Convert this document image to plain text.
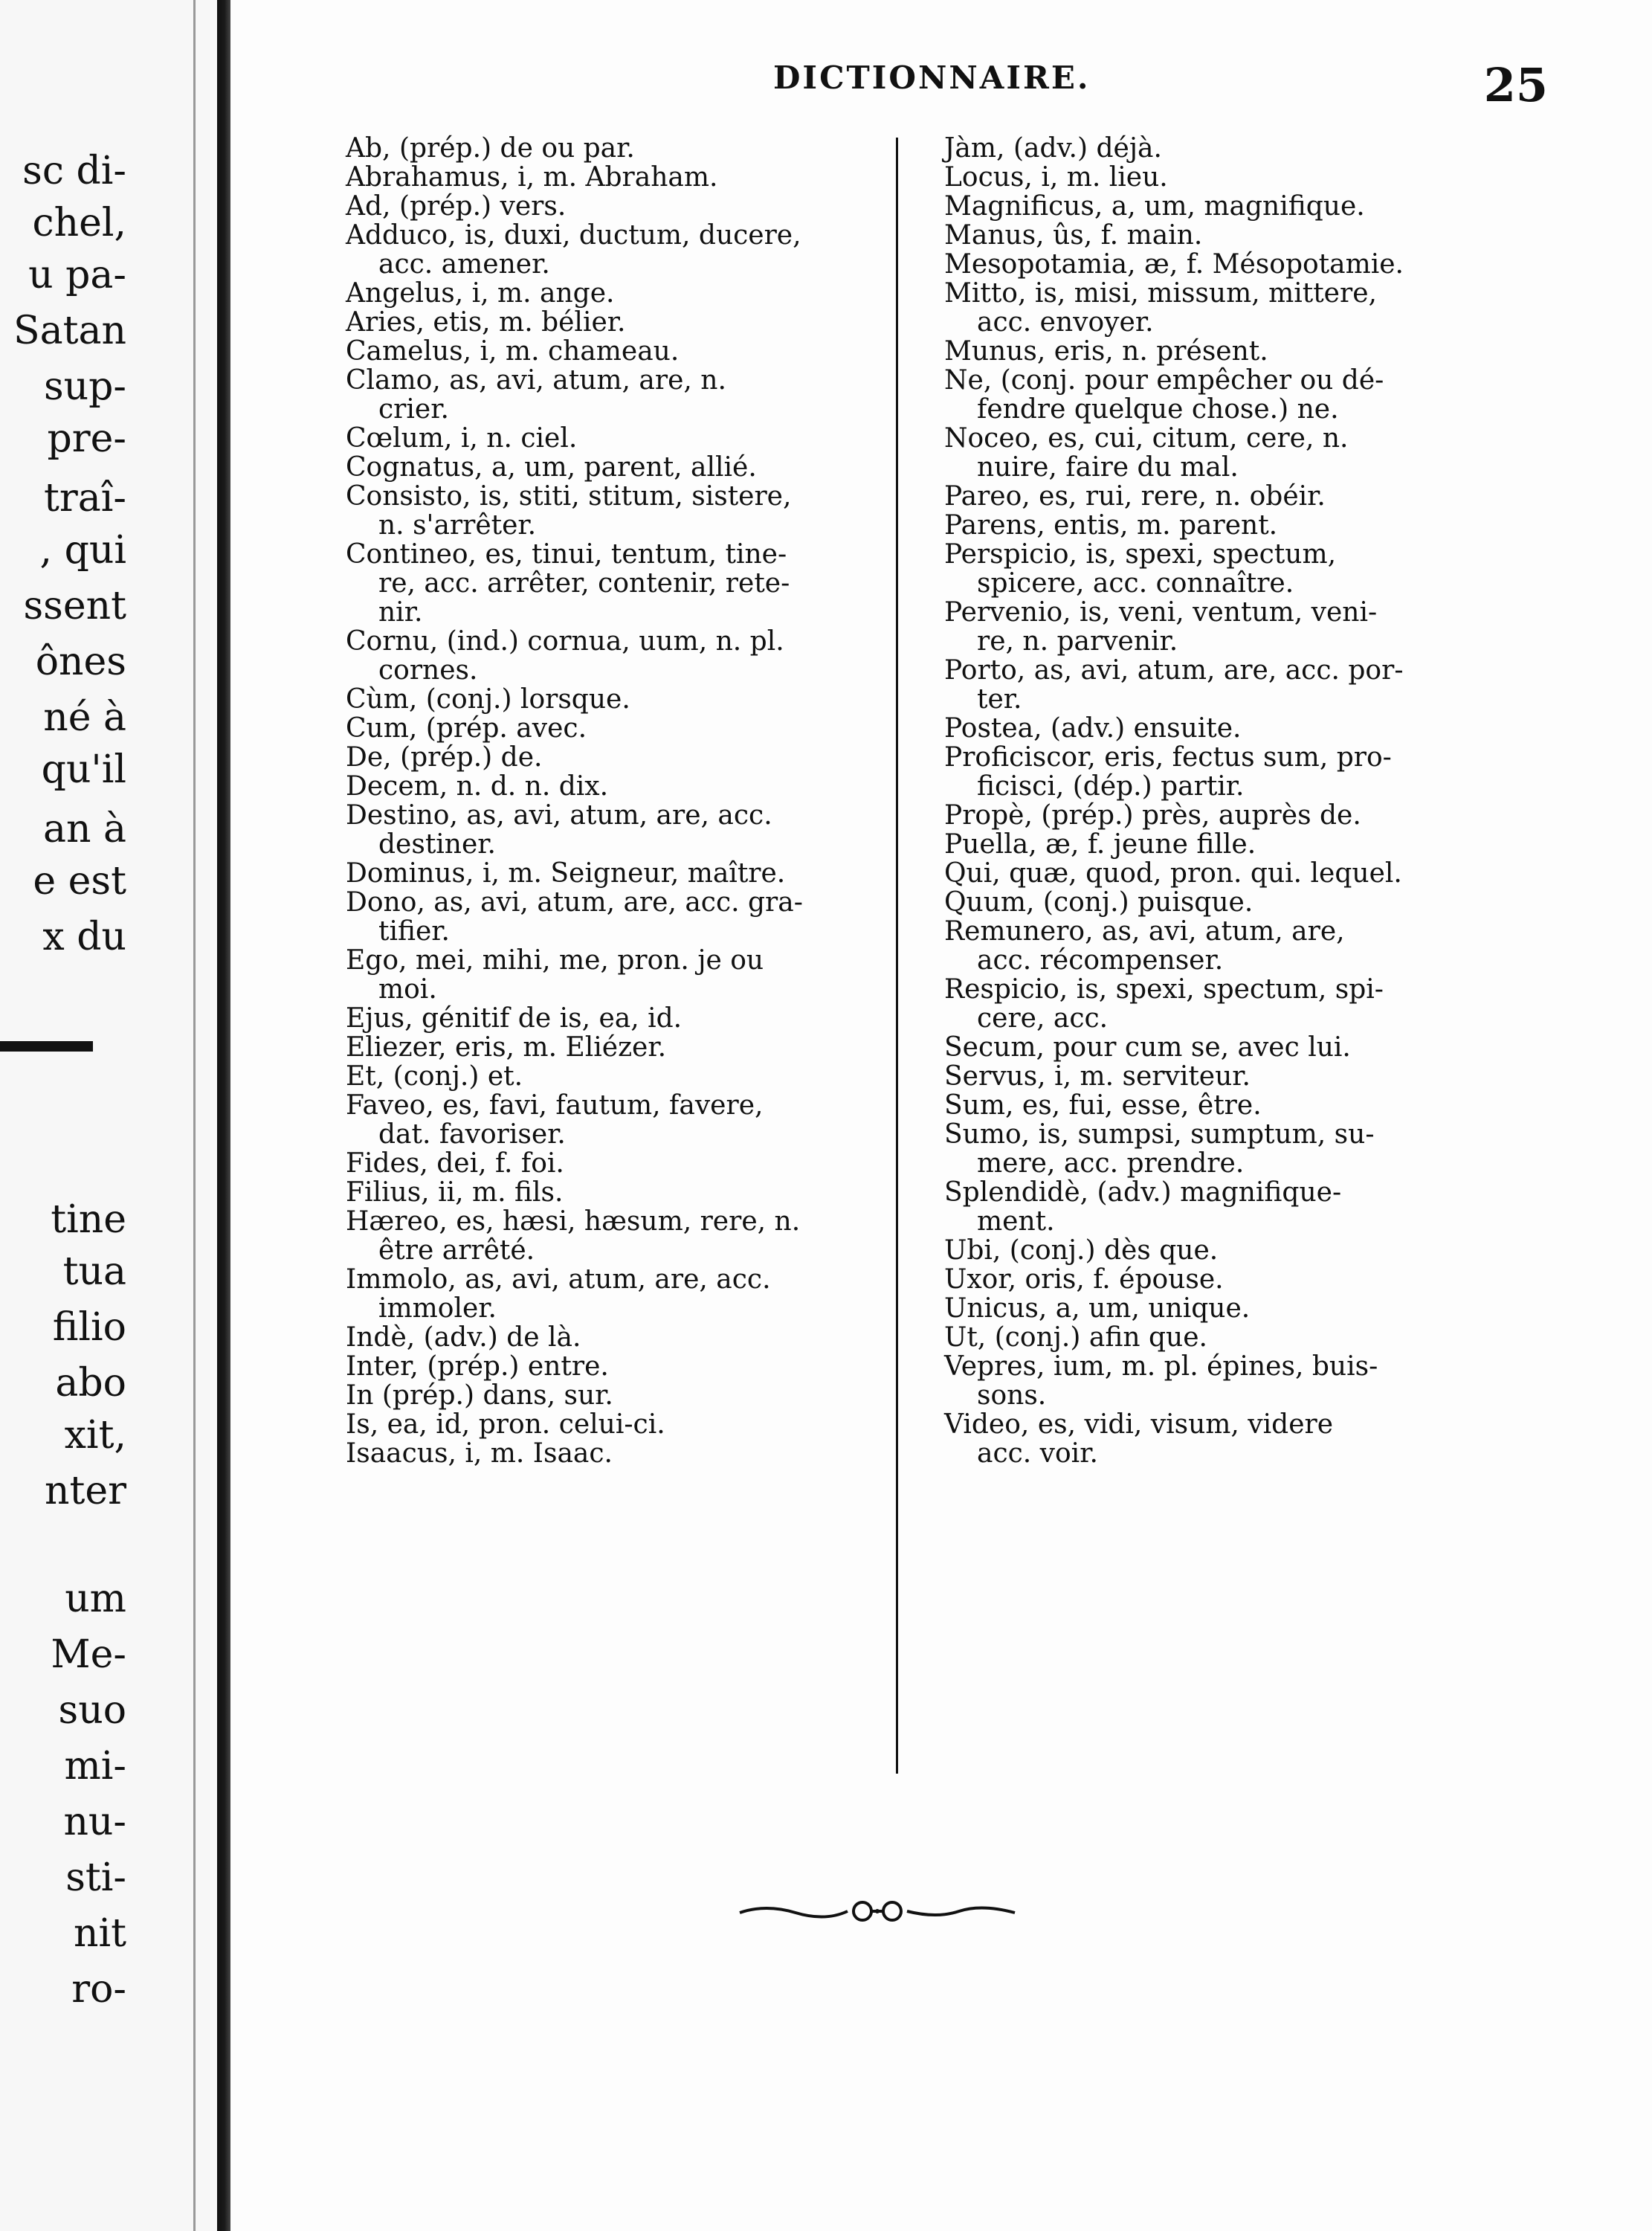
sc di-
chel,
u pa-
Satan
sup-
pre-
traî-
, qui
ssent
ônes
né à
qu'il
an à
e est
x du
tine
tua
filio
abo
xit,
nter
um
Me-
suo
mi-
nu-
sti-
nit
ro-
DICTIONNAIRE.	25
Ab, (prép.) de ou par.
Abrahamus, i, m. Abraham.
Ad, (prép.) vers.
Adduco, is, duxi, ductum, ducere,
acc. amener.
Angelus, i, m. ange.
Aries, etis, m. bélier.
Camelus, i, m. chameau.
Clamo, as, avi, atum, are, n.
crier.
Cœlum, i, n. ciel.
Cognatus, a, um, parent, allié.
Consisto, is, stiti, stitum, sistere,
n. s'arrêter.
Contineo, es, tinui, tentum, tine-
re, acc. arrêter, contenir, rete-
nir.
Cornu, (ind.) cornua, uum, n. pl.
cornes.
Cùm, (conj.) lorsque.
Cum, (prép. avec.
De, (prép.) de.
Decem, n. d. n. dix.
Destino, as, avi, atum, are, acc.
destiner.
Dominus, i, m. Seigneur, maître.
Dono, as, avi, atum, are, acc. gra-
tifier.
Ego, mei, mihi, me, pron. je ou
moi.
Ejus, génitif de is, ea, id.
Eliezer, eris, m. Eliézer.
Et, (conj.) et.
Faveo, es, favi, fautum, favere,
dat. favoriser.
Fides, dei, f. foi.
Filius, ii, m. fils.
Hæreo, es, hæsi, hæsum, rere, n.
être arrêté.
Immolo, as, avi, atum, are, acc.
immoler.
Indè, (adv.) de là.
Inter, (prép.) entre.
In (prép.) dans, sur.
Is, ea, id, pron. celui-ci.
Isaacus, i, m. Isaac.
Jàm, (adv.) déjà.
Locus, i, m. lieu.
Magnificus, a, um, magnifique.
Manus, ûs, f. main.
Mesopotamia, æ, f. Mésopotamie.
Mitto, is, misi, missum, mittere,
acc. envoyer.
Munus, eris, n. présent.
Ne, (conj. pour empêcher ou dé-
fendre quelque chose.) ne.
Noceo, es, cui, citum, cere, n.
nuire, faire du mal.
Pareo, es, rui, rere, n. obéir.
Parens, entis, m. parent.
Perspicio, is, spexi, spectum,
spicere, acc. connaître.
Pervenio, is, veni, ventum, veni-
re, n. parvenir.
Porto, as, avi, atum, are, acc. por-
ter.
Postea, (adv.) ensuite.
Proficiscor, eris, fectus sum, pro-
ficisci, (dép.) partir.
Propè, (prép.) près, auprès de.
Puella, æ, f. jeune fille.
Qui, quæ, quod, pron. qui. lequel.
Quum, (conj.) puisque.
Remunero, as, avi, atum, are,
acc. récompenser.
Respicio, is, spexi, spectum, spi-
cere, acc.
Secum, pour cum se, avec lui.
Servus, i, m. serviteur.
Sum, es, fui, esse, être.
Sumo, is, sumpsi, sumptum, su-
mere, acc. prendre.
Splendidè, (adv.) magnifique-
ment.
Ubi, (conj.) dès que.
Uxor, oris, f. épouse.
Unicus, a, um, unique.
Ut, (conj.) afin que.
Vepres, ium, m. pl. épines, buis-
sons.
Video, es, vidi, visum, videre
acc. voir.
